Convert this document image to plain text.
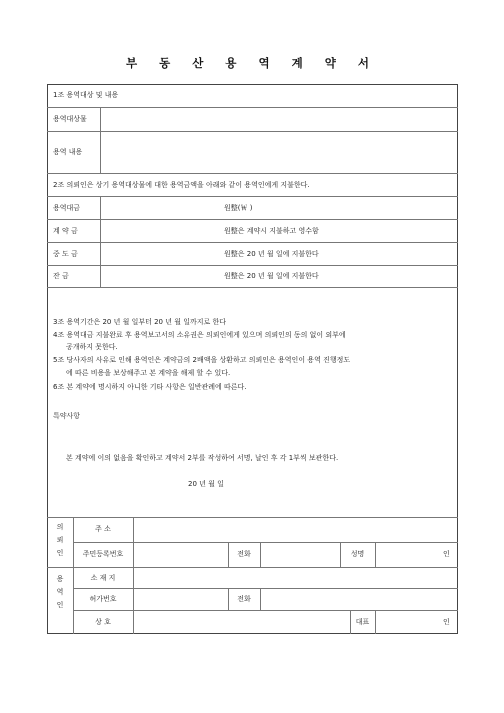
부 동 산 용 역 계 약 서
1조 용역대상 및 내용
용역대상물
용역 내용
2조 의뢰인은 상기 용역대상물에 대한 용역금액을 아래와 같이 용역인에게 지불한다.
용역대금	원整(￦ )
계 약 금	원整은 계약시 지불하고 영수함
중 도 금	원整은 20 년 월 일에 지불한다
잔 금	원整은 20 년 월 일에 지불한다
3조 용역기간은 20 년 월 일부터 20 년 월 일까지로 한다
4조 용역대금 지불완료 후 용역보고서의 소유권은 의뢰인에게 있으며 의뢰인의 동의 없이 외부에
공개하지 못한다.
5조 당사자의 사유로 인해 용역인은 계약금의 2배액을 상환하고 의뢰인은 용역인이 용역 진행정도
에 따른 비용을 보상해주고 본 계약을 해제 할 수 있다.
6조 본 계약에 명시하지 아니한 기타 사항은 일반관례에 따른다.
특약사항
본 계약에 이의 없음을 확인하고 계약서 2부를 작성하여 서명, 날인 후 각 1부씩 보관한다.
20 년 월 일
의뢰인
주 소
주민등록번호	전화	성명	인
용역인
소 재 지
허가번호	전화
상 호	대표	인
